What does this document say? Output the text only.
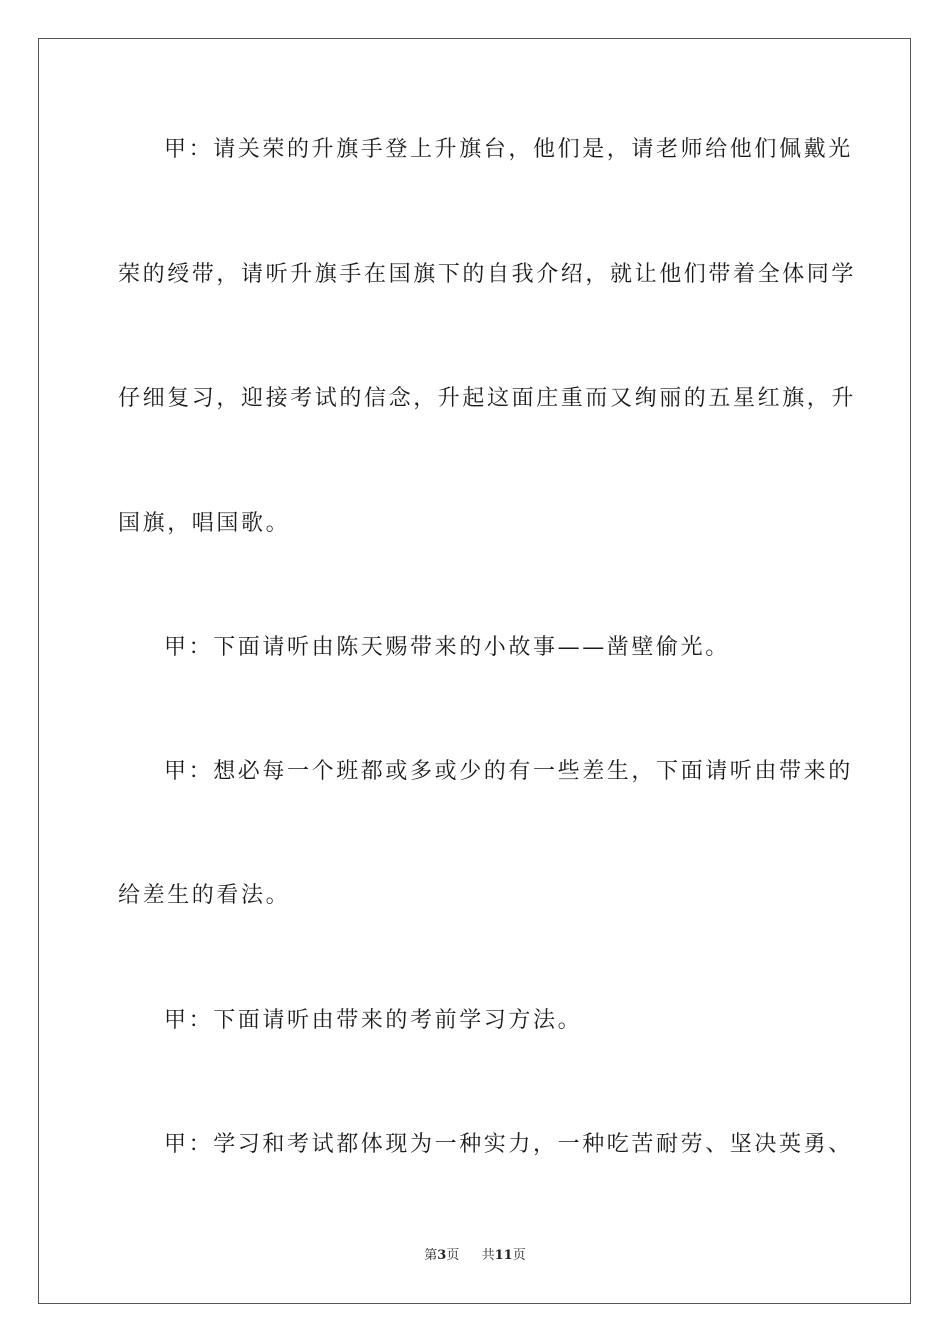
甲：请关荣的升旗手登上升旗台，他们是，请老师给他们佩戴光
荣的绶带，请听升旗手在国旗下的自我介绍，就让他们带着全体同学
仔细复习，迎接考试的信念，升起这面庄重而又绚丽的五星红旗，升
国旗，唱国歌。
甲：下面请听由陈天赐带来的小故事——凿壁偷光。
甲：想必每一个班都或多或少的有一些差生，下面请听由带来的
给差生的看法。
甲：下面请听由带来的考前学习方法。
甲：学习和考试都体现为一种实力，一种吃苦耐劳、坚决英勇、
第3页 共11页
